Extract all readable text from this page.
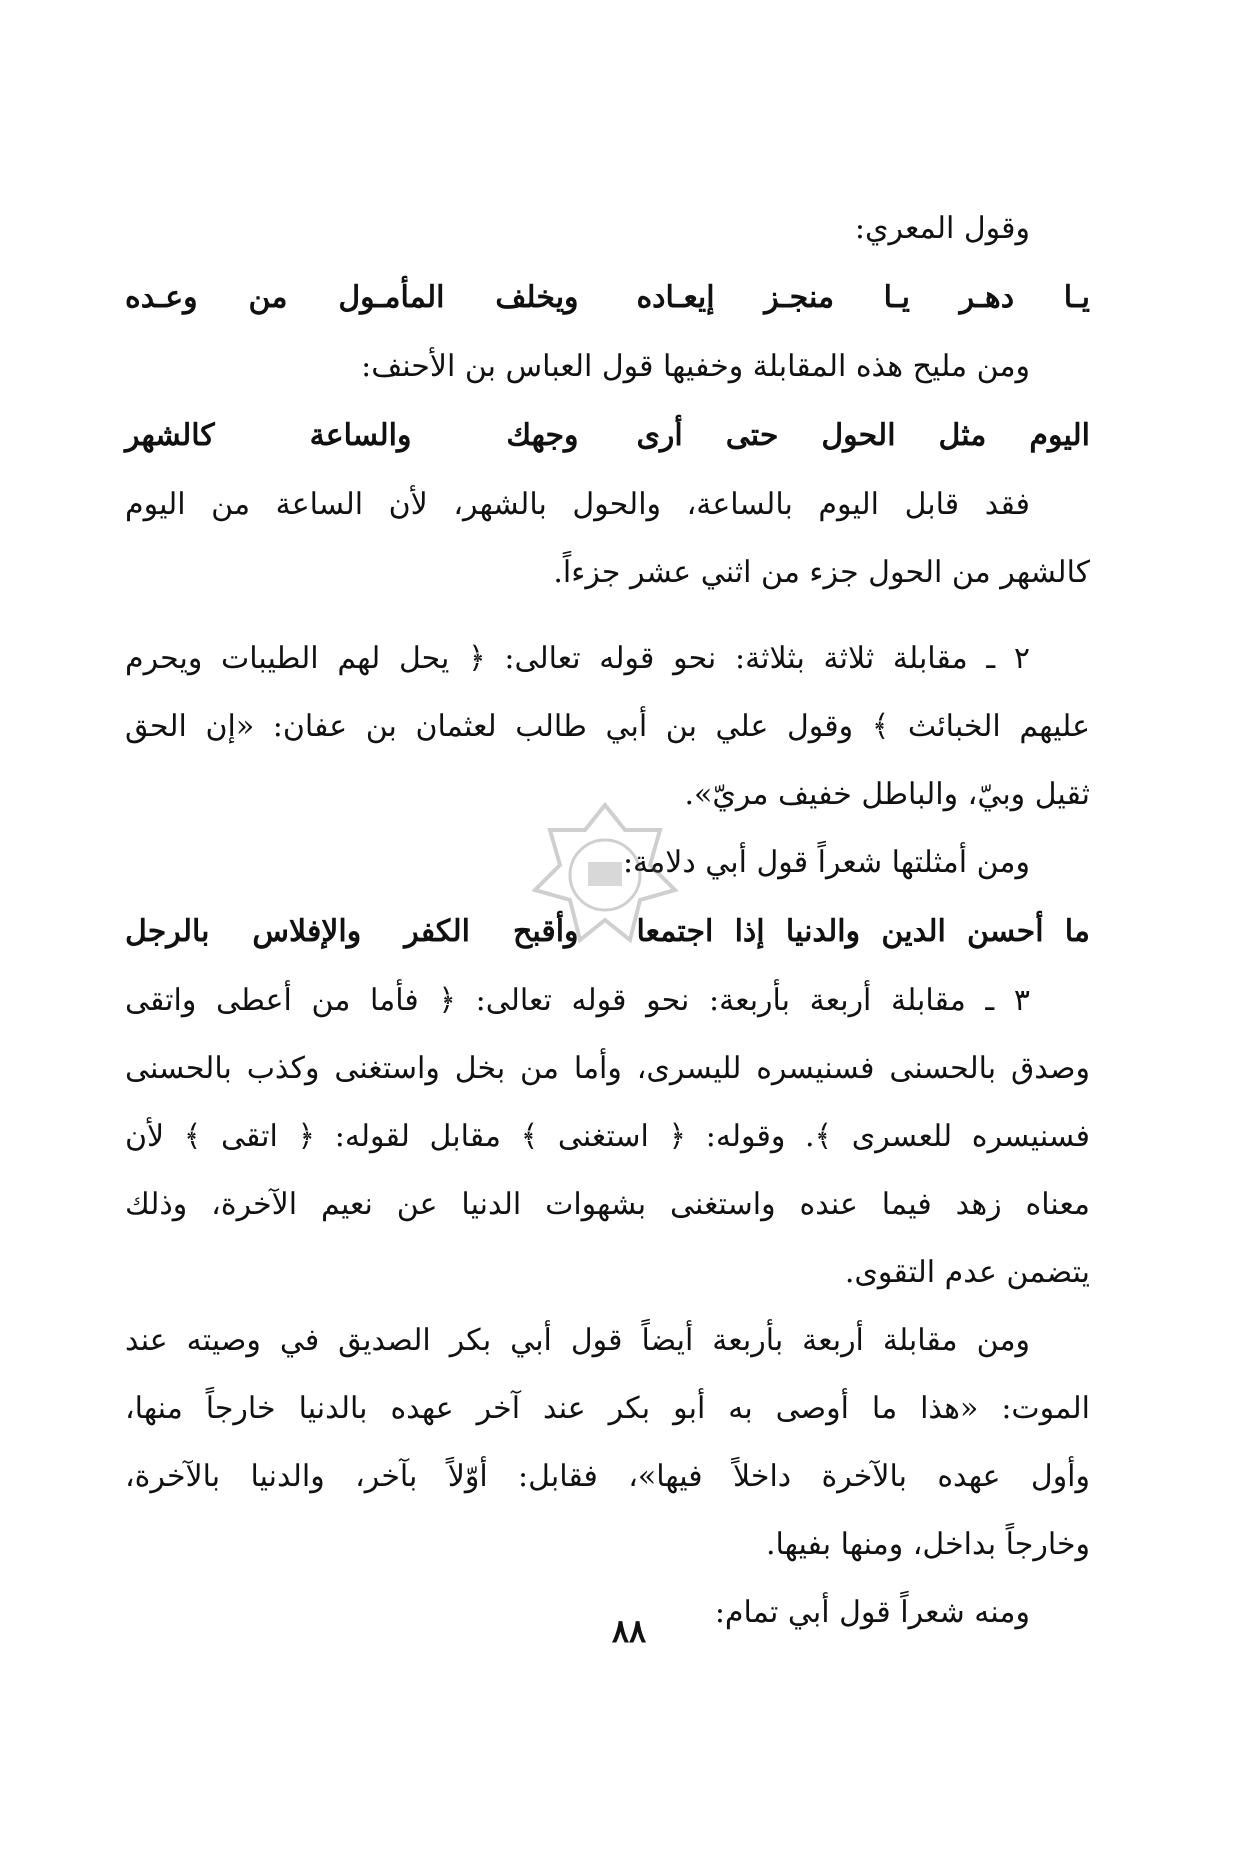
وقول المعري:
يـا دهـر يـا منجـز إيعـاده
ويخلف المأمـول من وعـده
ومن مليح هذه المقابلة وخفيها قول العباس بن الأحنف:
اليوم مثل الحول حتى أرى
وجهك والساعة كالشهر
فقد قابل اليوم بالساعة، والحول بالشهر، لأن الساعة من اليوم
كالشهر من الحول جزء من اثني عشر جزءاً.
٢ ـ مقابلة ثلاثة بثلاثة: نحو قوله تعالى: ﴿ يحل لهم الطيبات ويحرم
عليهم الخبائث ﴾ وقول علي بن أبي طالب لعثمان بن عفان: «إن الحق
ثقيل وبيّ، والباطل خفيف مريّ».
ومن أمثلتها شعراً قول أبي دلامة:
ما أحسن الدين والدنيا إذا اجتمعا
وأقبح الكفر والإفلاس بالرجل
٣ ـ مقابلة أربعة بأربعة: نحو قوله تعالى: ﴿ فأما من أعطى واتقى
وصدق بالحسنى فسنيسره لليسرى، وأما من بخل واستغنى وكذب بالحسنى
فسنيسره للعسرى ﴾. وقوله: ﴿ استغنى ﴾ مقابل لقوله: ﴿ اتقى ﴾ لأن
معناه زهد فيما عنده واستغنى بشهوات الدنيا عن نعيم الآخرة، وذلك
يتضمن عدم التقوى.
ومن مقابلة أربعة بأربعة أيضاً قول أبي بكر الصديق في وصيته عند
الموت: «هذا ما أوصى به أبو بكر عند آخر عهده بالدنيا خارجاً منها،
وأول عهده بالآخرة داخلاً فيها»، فقابل: أوّلاً بآخر، والدنيا بالآخرة،
وخارجاً بداخل، ومنها بفيها.
ومنه شعراً قول أبي تمام:
٨٨
